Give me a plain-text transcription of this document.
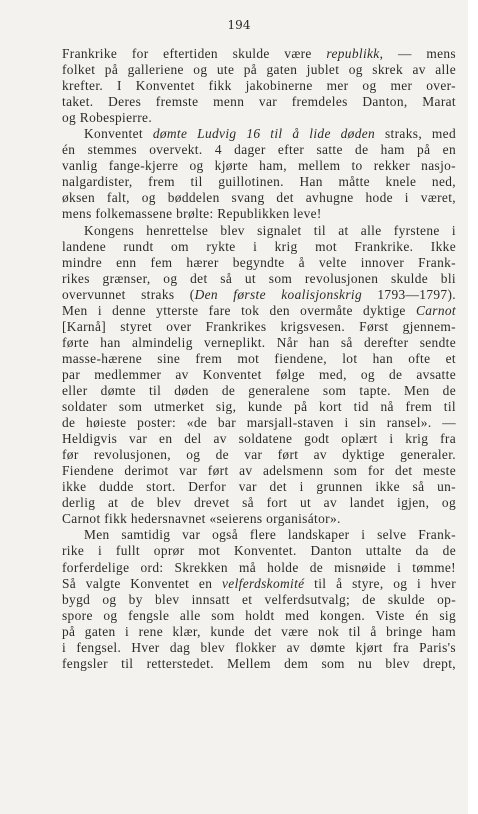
194
Frankrike for eftertiden skulde være republikk, — mens
folket på galleriene og ute på gaten jublet og skrek av alle
krefter. I Konventet fikk jakobinerne mer og mer over-
taket. Deres fremste menn var fremdeles Danton, Marat
og Robespierre.
Konventet dømte Ludvig 16 til å lide døden straks, med
én stemmes overvekt. 4 dager efter satte de ham på en
vanlig fange-kjerre og kjørte ham, mellem to rekker nasjo-
nalgardister, frem til guillotinen. Han måtte knele ned,
øksen falt, og bøddelen svang det avhugne hode i været,
mens folkemassene brølte: Republikken leve!
Kongens henrettelse blev signalet til at alle fyrstene i
landene rundt om rykte i krig mot Frankrike. Ikke
mindre enn fem hærer begyndte å velte innover Frank-
rikes grænser, og det så ut som revolusjonen skulde bli
overvunnet straks (Den første koalisjonskrig 1793—1797).
Men i denne ytterste fare tok den overmåte dyktige Carnot
[Karnå] styret over Frankrikes krigsvesen. Først gjennem-
førte han almindelig verneplikt. Når han så derefter sendte
masse-hærene sine frem mot fiendene, lot han ofte et
par medlemmer av Konventet følge med, og de avsatte
eller dømte til døden de generalene som tapte. Men de
soldater som utmerket sig, kunde på kort tid nå frem til
de høieste poster: «de bar marsjall-staven i sin ransel». —
Heldigvis var en del av soldatene godt oplært i krig fra
før revolusjonen, og de var ført av dyktige generaler.
Fiendene derimot var ført av adelsmenn som for det meste
ikke dudde stort. Derfor var det i grunnen ikke så un-
derlig at de blev drevet så fort ut av landet igjen, og
Carnot fikk hedersnavnet «seierens organisátor».
Men samtidig var også flere landskaper i selve Frank-
rike i fullt oprør mot Konventet. Danton uttalte da de
forferdelige ord: Skrekken må holde de misnøide i tømme!
Så valgte Konventet en velferdskomité til å styre, og i hver
bygd og by blev innsatt et velferdsutvalg; de skulde op-
spore og fengsle alle som holdt med kongen. Viste én sig
på gaten i rene klær, kunde det være nok til å bringe ham
i fengsel. Hver dag blev flokker av dømte kjørt fra Paris's
fengsler til retterstedet. Mellem dem som nu blev drept,
